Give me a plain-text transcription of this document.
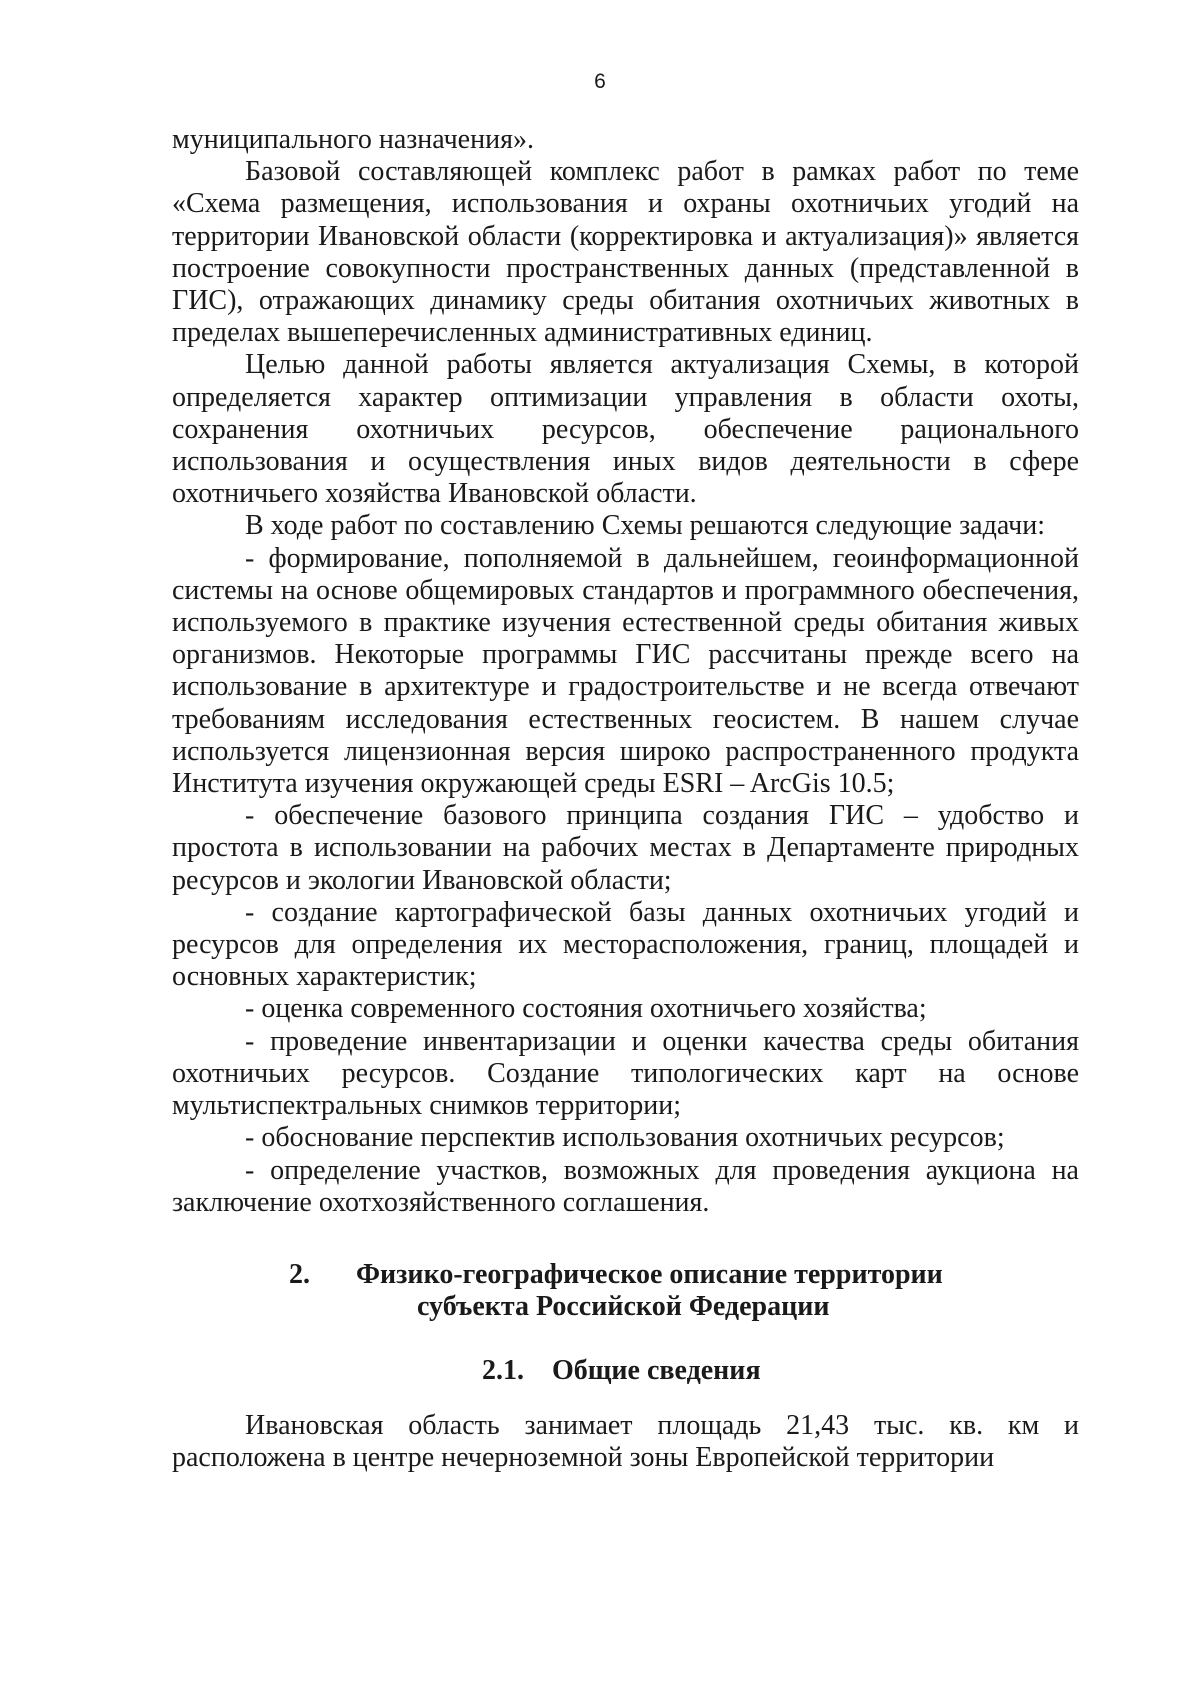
6

муниципального назначения».

Базовой составляющей комплекс работ в рамках работ по теме «Схема размещения, использования и охраны охотничьих угодий на территории Ивановской области (корректировка и актуализация)» является построение совокупности пространственных данных (представленной в ГИС), отражающих динамику среды обитания охотничьих животных в пределах вышеперечисленных административных единиц.

Целью данной работы является актуализация Схемы, в которой определяется характер оптимизации управления в области охоты, сохранения охотничьих ресурсов, обеспечение рационального использования и осуществления иных видов деятельности в сфере охотничьего хозяйства Ивановской области.

В ходе работ по составлению Схемы решаются следующие задачи:

- формирование, пополняемой в дальнейшем, геоинформационной системы на основе общемировых стандартов и программного обеспечения, используемого в практике изучения естественной среды обитания живых организмов. Некоторые программы ГИС рассчитаны прежде всего на использование в архитектуре и градостроительстве и не всегда отвечают требованиям исследования естественных геосистем. В нашем случае используется лицензионная версия широко распространенного продукта Института изучения окружающей среды ESRI – ArcGis 10.5;

- обеспечение базового принципа создания ГИС – удобство и простота в использовании на рабочих местах в Департаменте природных ресурсов и экологии Ивановской области;

- создание картографической базы данных охотничьих угодий и ресурсов для определения их месторасположения, границ, площадей и основных характеристик;

- оценка современного состояния охотничьего хозяйства;

- проведение инвентаризации и оценки качества среды обитания охотничьих ресурсов. Создание типологических карт на основе мультиспектральных снимков территории;

- обоснование перспектив использования охотничьих ресурсов;

- определение участков, возможных для проведения аукциона на заключение охотхозяйственного соглашения.

2. Физико-географическое описание территории
субъекта Российской Федерации
2.1. Общие сведения

Ивановская область занимает площадь 21,43 тыс. кв. км и расположена в центре нечерноземной зоны Европейской территории
